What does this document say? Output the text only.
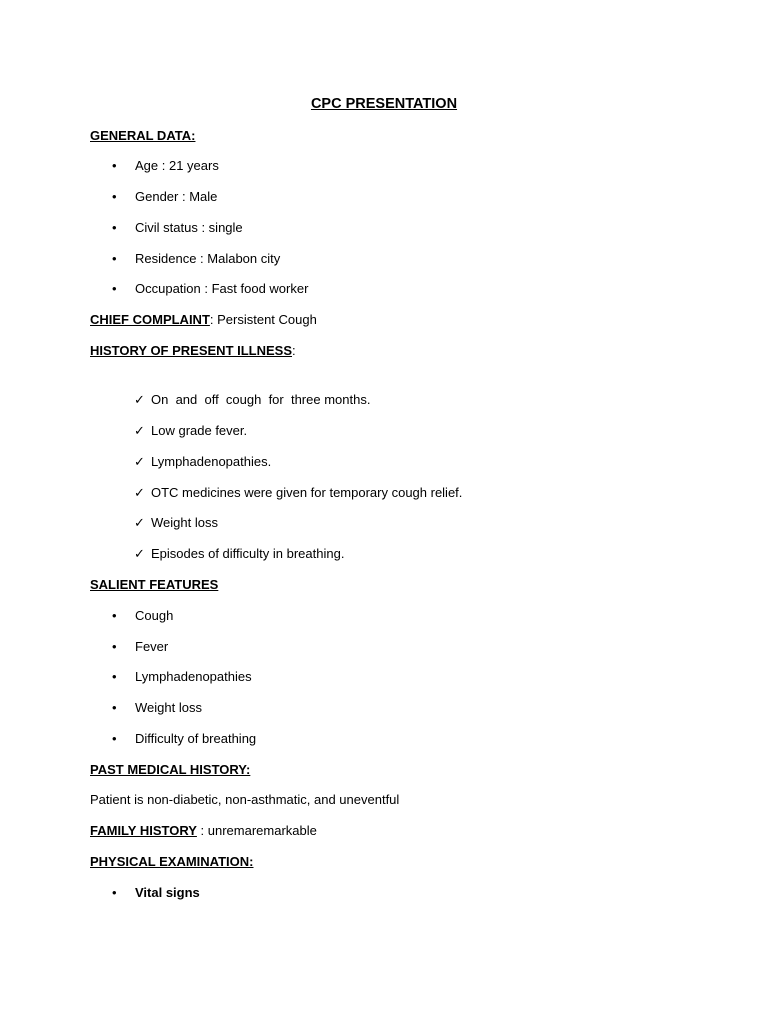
CPC PRESENTATION
GENERAL DATA:
• Age : 21 years
• Gender : Male
• Civil status : single
• Residence : Malabon city
• Occupation : Fast food worker
CHIEF COMPLAINT: Persistent Cough
HISTORY OF PRESENT ILLNESS:
✓ On  and  off  cough  for  three months.
✓ Low grade fever.
✓ Lymphadenopathies.
✓ OTC medicines were given for temporary cough relief.
✓ Weight loss
✓ Episodes of difficulty in breathing.
SALIENT FEATURES
• Cough
• Fever
• Lymphadenopathies
• Weight loss
• Difficulty of breathing
PAST MEDICAL HISTORY:
Patient is non-diabetic, non-asthmatic, and uneventful
FAMILY HISTORY : unremaremarkable
PHYSICAL EXAMINATION:
• Vital signs
